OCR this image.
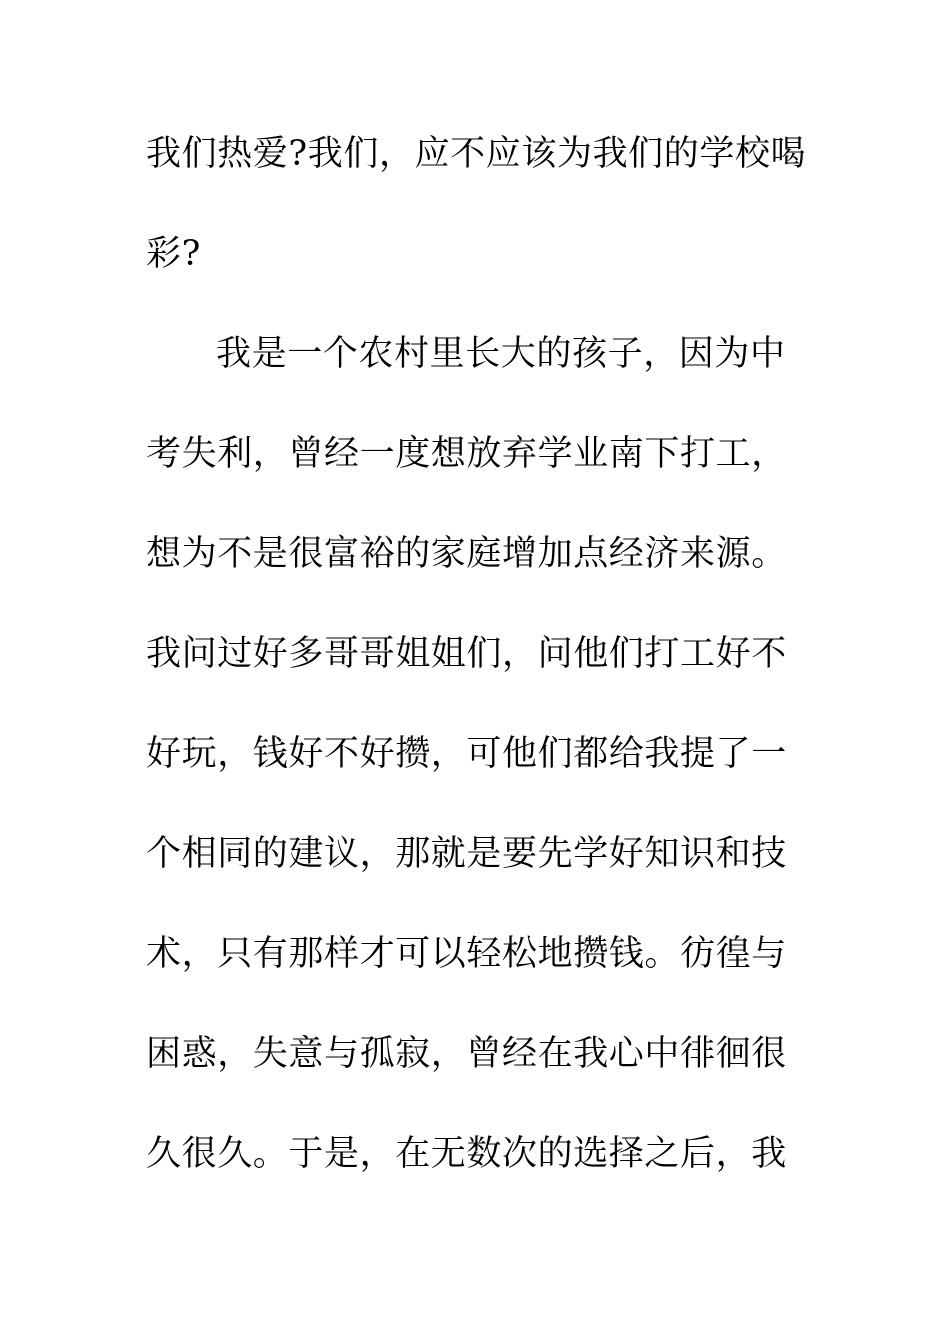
我们热爱?我们，应不应该为我们的学校喝
彩?
我是一个农村里长大的孩子，因为中
考失利，曾经一度想放弃学业南下打工，
想为不是很富裕的家庭增加点经济来源。
我问过好多哥哥姐姐们，问他们打工好不
好玩，钱好不好攒，可他们都给我提了一
个相同的建议，那就是要先学好知识和技
术，只有那样才可以轻松地攒钱。彷徨与
困惑，失意与孤寂，曾经在我心中徘徊很
久很久。于是，在无数次的选择之后，我
